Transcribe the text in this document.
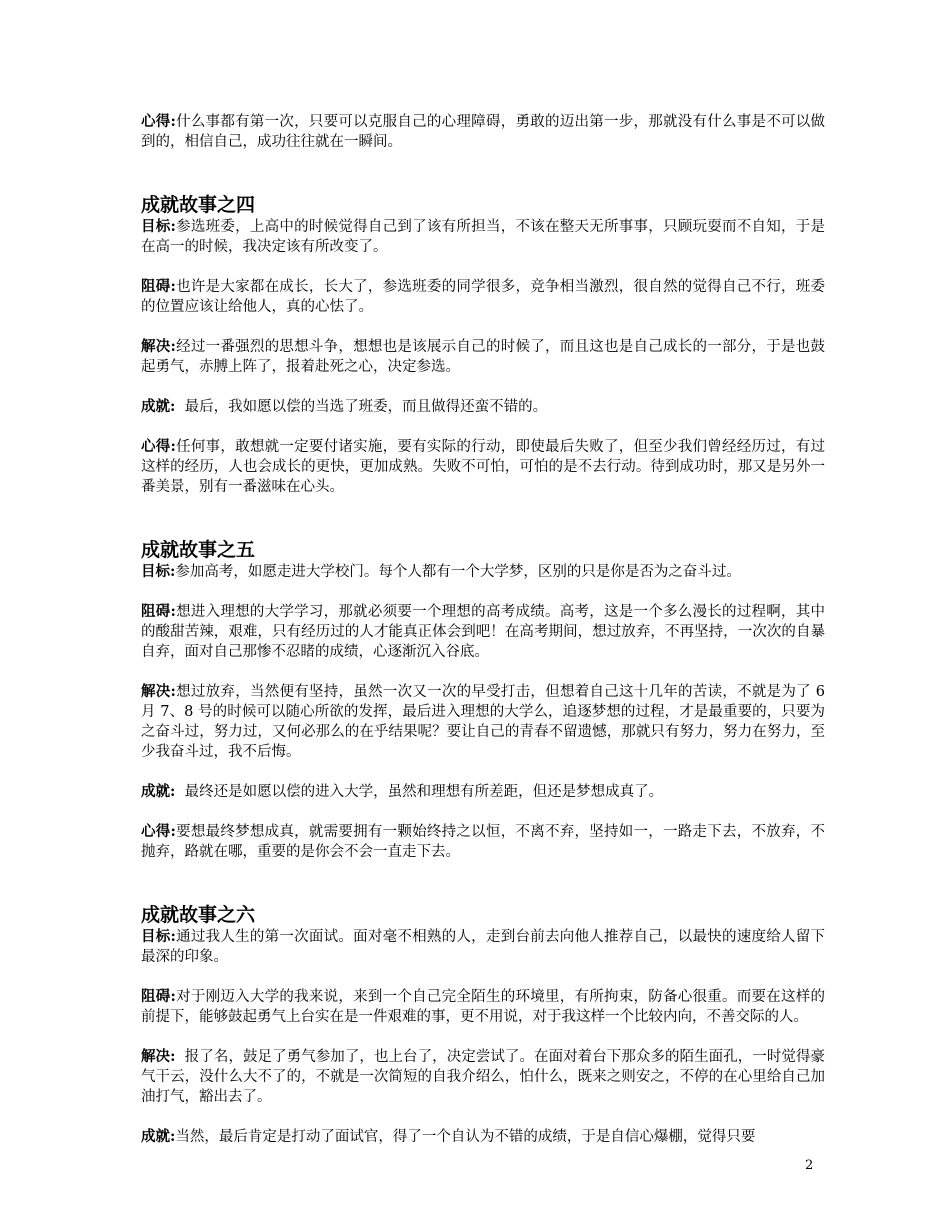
心得:什么事都有第一次，只要可以克服自己的心理障碍，勇敢的迈出第一步，那就没有什么事是不可以做到的，相信自己，成功往往就在一瞬间。

成就故事之四

目标:参选班委，上高中的时候觉得自己到了该有所担当，不该在整天无所事事，只顾玩耍而不自知，于是在高一的时候，我决定该有所改变了。

阻碍:也许是大家都在成长，长大了，参选班委的同学很多，竞争相当激烈，很自然的觉得自己不行，班委的位置应该让给他人，真的心怯了。

解决:经过一番强烈的思想斗争，想想也是该展示自己的时候了，而且这也是自己成长的一部分，于是也鼓起勇气，赤膊上阵了，报着赴死之心，决定参选。

成就:  最后，我如愿以偿的当选了班委，而且做得还蛮不错的。

心得:任何事，敢想就一定要付诸实施，要有实际的行动，即使最后失败了，但至少我们曾经经历过，有过这样的经历，人也会成长的更快，更加成熟。失败不可怕，可怕的是不去行动。待到成功时，那又是另外一番美景，别有一番滋味在心头。

成就故事之五

目标:参加高考，如愿走进大学校门。每个人都有一个大学梦，区别的只是你是否为之奋斗过。

阻碍:想进入理想的大学学习，那就必须要一个理想的高考成绩。高考，这是一个多么漫长的过程啊，其中的酸甜苦辣，艰难，只有经历过的人才能真正体会到吧！在高考期间，想过放弃，不再坚持，一次次的自暴自弃，面对自己那惨不忍睹的成绩，心逐渐沉入谷底。

解决:想过放弃，当然便有坚持，虽然一次又一次的早受打击，但想着自己这十几年的苦读，不就是为了 6 月 7、8 号的时候可以随心所欲的发挥，最后进入理想的大学么，追逐梦想的过程，才是最重要的，只要为之奋斗过，努力过，又何必那么的在乎结果呢？要让自己的青春不留遗憾，那就只有努力，努力在努力，至少我奋斗过，我不后悔。

成就:  最终还是如愿以偿的进入大学，虽然和理想有所差距，但还是梦想成真了。

心得:要想最终梦想成真，就需要拥有一颗始终持之以恒，不离不弃，坚持如一，一路走下去，不放弃，不抛弃，路就在哪，重要的是你会不会一直走下去。

成就故事之六

目标:通过我人生的第一次面试。面对毫不相熟的人，走到台前去向他人推荐自己，以最快的速度给人留下最深的印象。

阻碍:对于刚迈入大学的我来说，来到一个自己完全陌生的环境里，有所拘束，防备心很重。而要在这样的前提下，能够鼓起勇气上台实在是一件艰难的事，更不用说，对于我这样一个比较内向，不善交际的人。

解决:  报了名，鼓足了勇气参加了，也上台了，决定尝试了。在面对着台下那众多的陌生面孔，一时觉得豪气干云，没什么大不了的，不就是一次简短的自我介绍么，怕什么，既来之则安之，不停的在心里给自己加油打气，豁出去了。

成就:当然，最后肯定是打动了面试官，得了一个自认为不错的成绩，于是自信心爆棚，觉得只要

2
